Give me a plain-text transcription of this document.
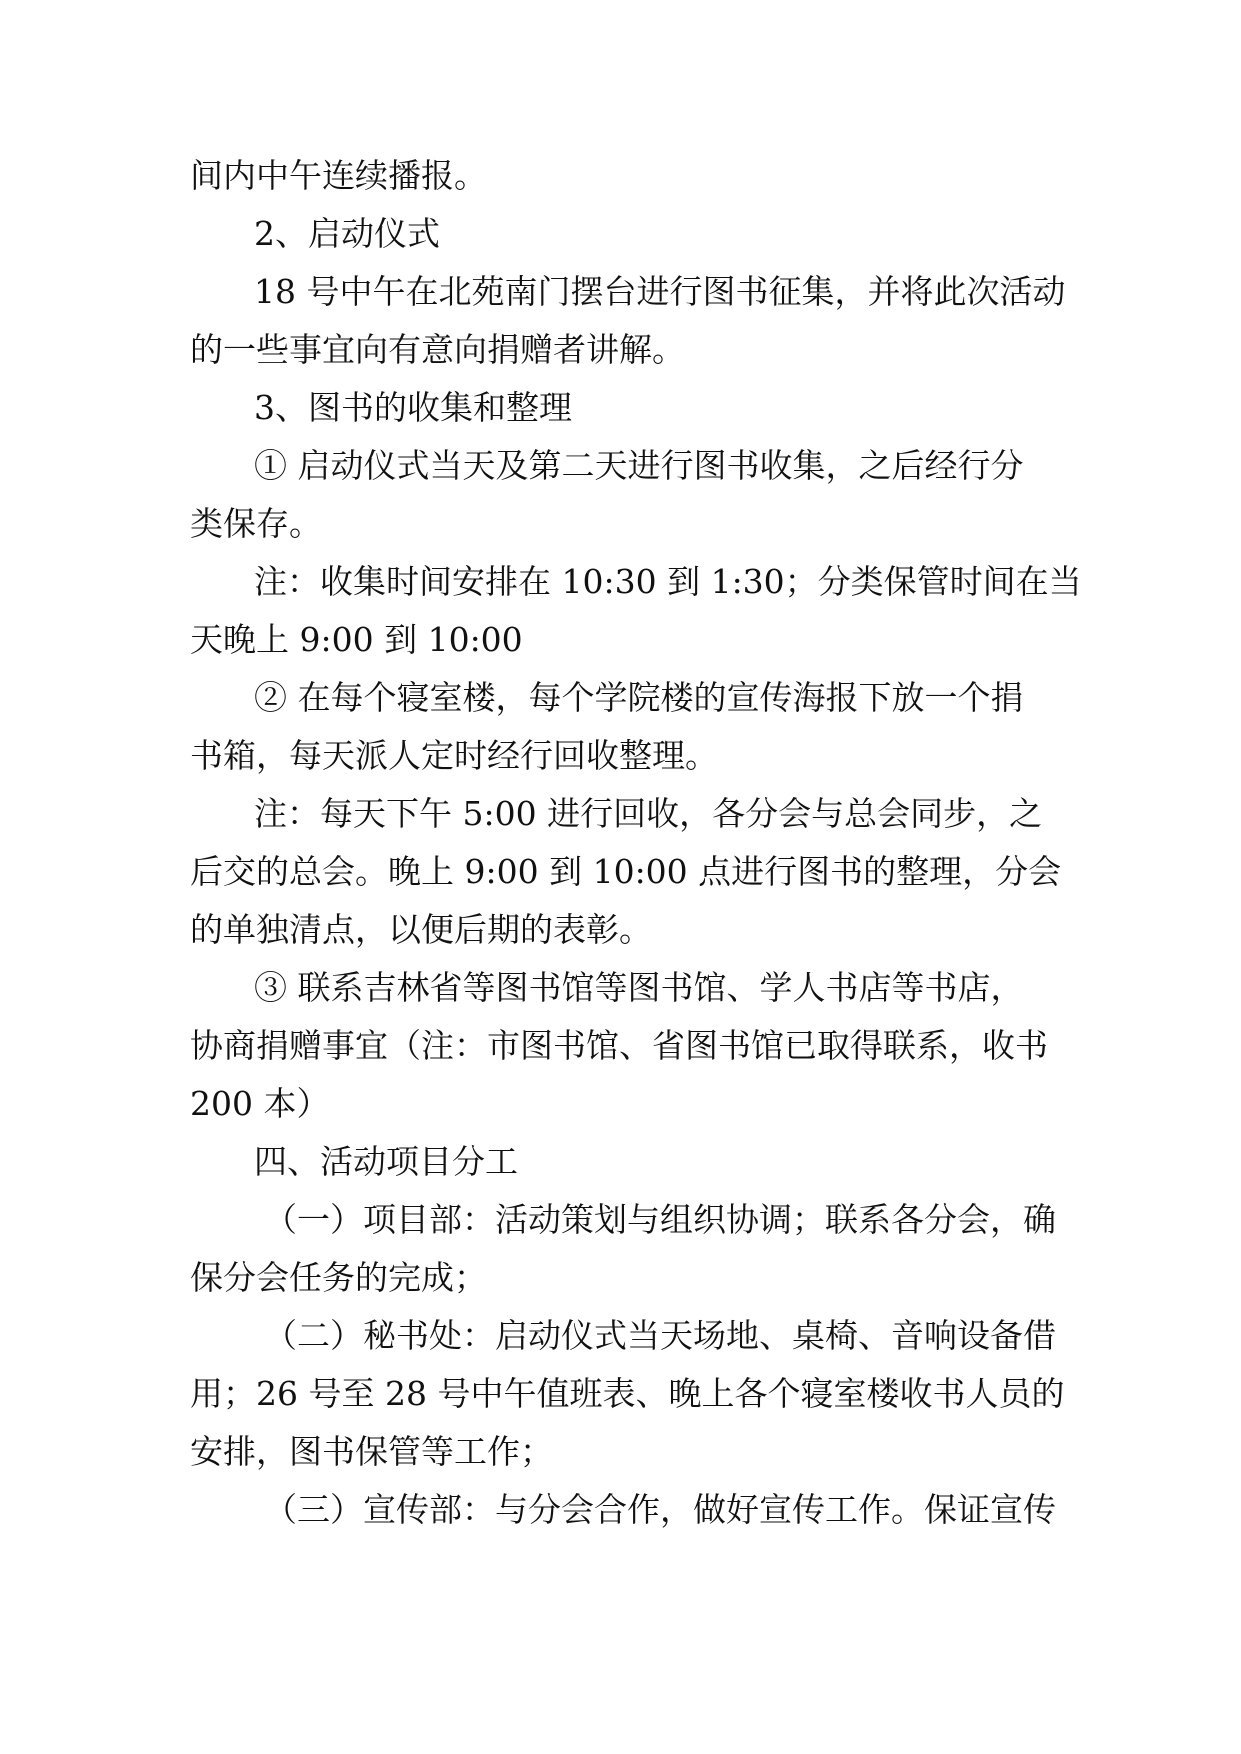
间内中午连续播报。
2、启动仪式
18 号中午在北苑南门摆台进行图书征集，并将此次活动
的一些事宜向有意向捐赠者讲解。
3、图书的收集和整理
① 启动仪式当天及第二天进行图书收集，之后经行分
类保存。
注：收集时间安排在 10:30 到 1:30；分类保管时间在当
天晚上 9:00 到 10:00
② 在每个寝室楼，每个学院楼的宣传海报下放一个捐
书箱，每天派人定时经行回收整理。
注：每天下午 5:00 进行回收，各分会与总会同步，之
后交的总会。晚上 9:00 到 10:00 点进行图书的整理，分会
的单独清点，以便后期的表彰。
③ 联系吉林省等图书馆等图书馆、学人书店等书店，
协商捐赠事宜（注：市图书馆、省图书馆已取得联系，收书
200 本）
四、活动项目分工
（一）项目部：活动策划与组织协调；联系各分会，确
保分会任务的完成；
（二）秘书处：启动仪式当天场地、桌椅、音响设备借
用；26 号至 28 号中午值班表、晚上各个寝室楼收书人员的
安排，图书保管等工作；
（三）宣传部：与分会合作，做好宣传工作。保证宣传
